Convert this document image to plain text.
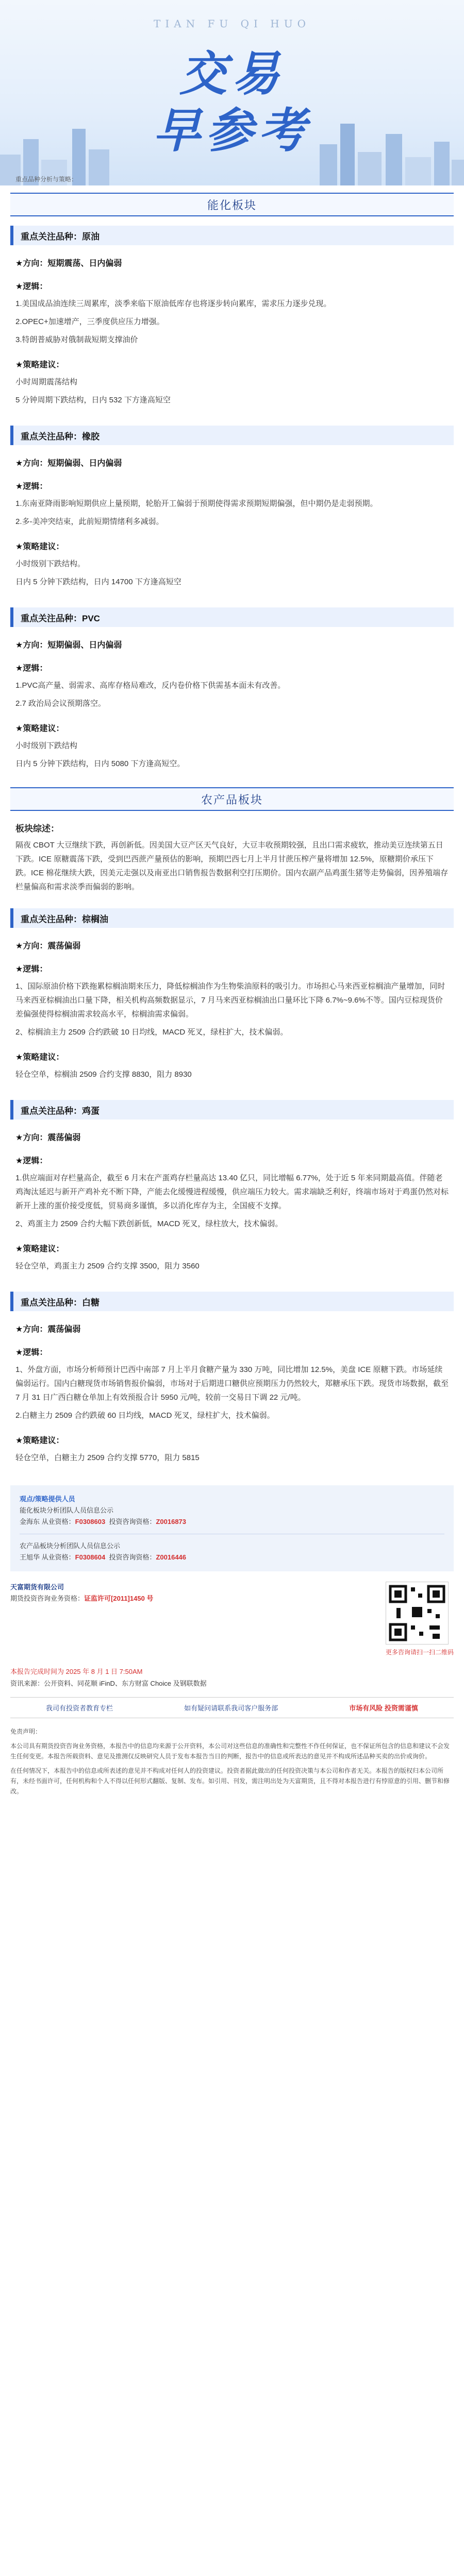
TIAN FU QI HUO
交易
早参考
重点品种分析与策略：
能化板块
重点关注品种：原油
★方向：短期震荡、日内偏弱
★逻辑：
1.美国成品油连续三周累库，淡季来临下原油低库存也将逐步转向累库，需求压力逐步兑现。
2.OPEC+加速增产，三季度供应压力增强。
3.特朗普威胁对俄制裁短期支撑油价
★策略建议：
小时周期震荡结构
5 分钟周期下跌结构，日内 532 下方逢高短空
重点关注品种：橡胶
★方向：短期偏弱、日内偏弱
★逻辑：
1.东南亚降雨影响短期供应上量预期，轮胎开工偏弱于预期使得需求预期短期偏强，但中期仍是走弱预期。
2.多-美冲突结束，此前短期情绪利多减弱。
★策略建议：
小时级别下跌结构。
日内 5 分钟下跌结构，日内 14700 下方逢高短空
重点关注品种：PVC
★方向：短期偏弱、日内偏弱
★逻辑：
1.PVC高产量、弱需求、高库存格局难改，反内卷价格下供需基本面未有改善。
2.7 政治局会议预期落空。
★策略建议：
小时级别下跌结构
日内 5 分钟下跌结构，日内 5080 下方逢高短空。
农产品板块
板块综述：
隔夜 CBOT 大豆继续下跌，再创新低。因美国大豆产区天气良好，大豆丰收预期较强，且出口需求疲软，推动美豆连续第五日下跌。ICE 原糖震荡下跌，受到巴西蔗产量预估的影响，预期巴西七月上半月甘蔗压榨产量将增加 12.5%，原糖期价承压下跌。ICE 棉花继续大跌，因美元走强以及南亚出口销售报告数据利空打压期价。国内农副产品鸡蛋生猪等走势偏弱，因养殖端存栏量偏高和需求淡季而偏弱的影响。
重点关注品种：棕榈油
★方向：震荡偏弱
★逻辑：
1、国际原油价格下跌拖累棕榈油期来压力，降低棕榈油作为生物柴油原料的吸引力。市场担心马来西亚棕榈油产量增加，同时马来西亚棕榈油出口量下降，相关机构高频数据显示，7 月马来西亚棕榈油出口量环比下降 6.7%~9.6%不等。国内豆棕现货价差偏强使得棕榈油需求较高水平，棕榈油需求偏弱。
2、棕榈油主力 2509 合约跌破 10 日均线，MACD 死叉，绿柱扩大，技术偏弱。
★策略建议：
轻仓空单，棕榈油 2509 合约支撑 8830，阻力 8930
重点关注品种：鸡蛋
★方向：震荡偏弱
★逻辑：
1.供应端面对存栏量高企，截至 6 月末在产蛋鸡存栏量高达 13.40 亿只，同比增幅 6.77%，处于近 5 年来同期最高值。伴随老鸡淘汰延迟与新开产鸡补充不断下降，产能去化缓慢进程缓慢，供应端压力较大。需求端缺乏利好，终端市场对于鸡蛋仍然对标新开上涨的蛋价接受度低，贸易商多谨慎，多以消化库存为主，全国疲不支撑。
2、鸡蛋主力 2509 合约大幅下跌创新低，MACD 死叉，绿柱放大，技术偏弱。
★策略建议：
轻仓空单，鸡蛋主力 2509 合约支撑 3500，阻力 3560
重点关注品种：白糖
★方向：震荡偏弱
★逻辑：
1、外盘方面，市场分析师预计巴西中南部 7 月上半月食糖产量为 330 万吨，同比增加 12.5%，美盘 ICE 原糖下跌。市场延续偏弱运行。国内白糖现货市场销售报价偏弱，市场对于后期进口糖供应预期压力仍然较大，郑糖承压下跌。现货市场数据，截至 7 月 31 日广西白糖仓单加上有效预报合计 5950 元/吨，较前一交易日下调 22 元/吨。
2.白糖主力 2509 合约跌破 60 日均线，MACD 死叉，绿柱扩大，技术偏弱。
★策略建议：
轻仓空单，白糖主力 2509 合约支撑 5770，阻力 5815
观点/策略提供人员
能化板块分析团队人员信息公示
金海东 从业资格：F0308603 投资咨询资格：Z0016873
农产品板块分析团队人员信息公示
王旭华 从业资格：F0308604 投资咨询资格：Z0016446
天富期货有限公司
期货投资咨询业务资格：证监许可[2011]1450 号
更多咨询请扫一扫二维码
本报告完成时间为 2025 年 8 月 1 日 7:50AM
资讯来源：公开资料、同花顺 iFinD、东方财富 Choice 及钢联数据
我司有投资者教育专栏	如有疑问请联系我司客户服务部	市场有风险 投资需谨慎

免责声明：

本公司具有期货投资咨询业务资格，本报告中的信息均来源于公开资料，本公司对这些信息的准确性和完整性不作任何保证，也不保证所包含的信息和建议不会发生任何变更。本报告所载资料、意见及推测仅反映研究人员于发布本报告当日的判断，报告中的信息或所表达的意见并不构成所述品种买卖的出价或询价。

在任何情况下，本报告中的信息或所表述的意见并不构成对任何人的投资建议。投资者据此做出的任何投资决策与本公司和作者无关。本报告的版权归本公司所有，未经书面许可，任何机构和个人不得以任何形式翻版、复制、发布。如引用、刊发，需注明出处为天富期货，且不得对本报告进行有悖原意的引用、删节和修改。
